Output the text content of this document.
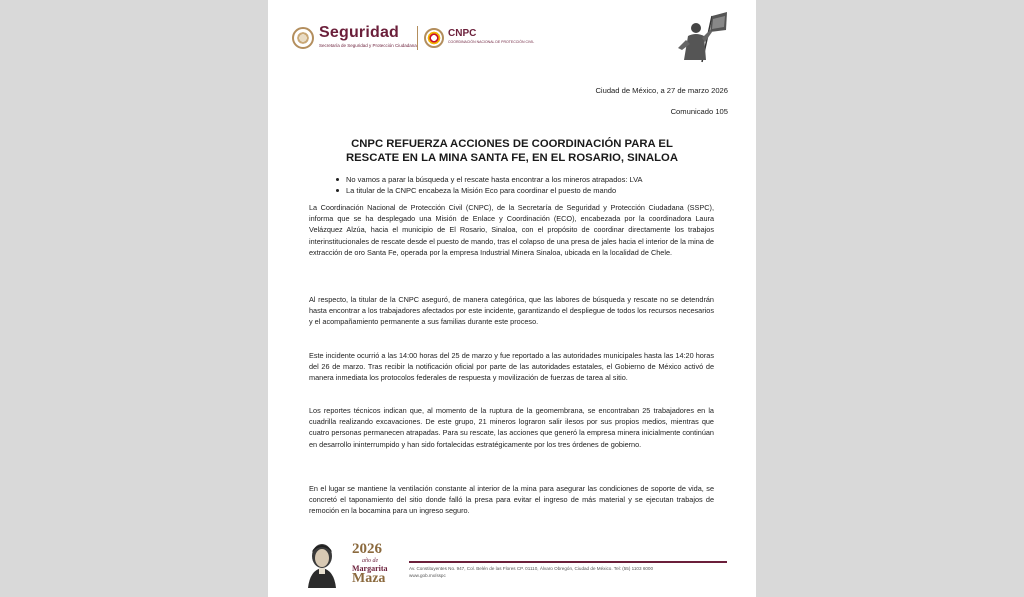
Seguridad
Secretaría de Seguridad y Protección Ciudadana
CNPC
COORDINACIÓN NACIONAL DE PROTECCIÓN CIVIL
Ciudad de México, a 27 de marzo 2026
Comunicado 105
CNPC REFUERZA ACCIONES DE COORDINACIÓN PARA EL
RESCATE EN LA MINA SANTA FE, EN EL ROSARIO, SINALOA
No vamos a parar la búsqueda y el rescate hasta encontrar a los mineros atrapados: LVA
La titular de la CNPC encabeza la Misión Eco para coordinar el puesto de mando

La Coordinación Nacional de Protección Civil (CNPC), de la Secretaría de Seguridad y Protección Ciudadana (SSPC), informa que se ha desplegado una Misión de Enlace y Coordinación (ECO), encabezada por la coordinadora Laura Velázquez Alzúa, hacia el municipio de El Rosario, Sinaloa, con el propósito de coordinar directamente los trabajos interinstitucionales de rescate desde el puesto de mando, tras el colapso de una presa de jales hacia el interior de la mina de extracción de oro Santa Fe, operada por la empresa Industrial Minera Sinaloa, ubicada en la localidad de Chele.

Al respecto, la titular de la CNPC aseguró, de manera categórica, que las labores de búsqueda y rescate no se detendrán hasta encontrar a los trabajadores afectados por este incidente, garantizando el despliegue de todos los recursos necesarios y el acompañamiento permanente a sus familias durante este proceso.

Este incidente ocurrió a las 14:00 horas del 25 de marzo y fue reportado a las autoridades municipales hasta las 14:20 horas del 26 de marzo. Tras recibir la notificación oficial por parte de las autoridades estatales, el Gobierno de México activó de manera inmediata los protocolos federales de respuesta y movilización de fuerzas de tarea al sitio.

Los reportes técnicos indican que, al momento de la ruptura de la geomembrana, se encontraban 25 trabajadores en la cuadrilla realizando excavaciones. De este grupo, 21 mineros lograron salir ilesos por sus propios medios, mientras que cuatro personas permanecen atrapadas. Para su rescate, las acciones que generó la empresa minera inicialmente continúan en desarrollo ininterrumpido y han sido fortalecidas estratégicamente por los tres órdenes de gobierno.

En el lugar se mantiene la ventilación constante al interior de la mina para asegurar las condiciones de soporte de vida, se concretó el taponamiento del sitio donde falló la presa para evitar el ingreso de más material y se ejecutan trabajos de remoción en la bocamina para un ingreso seguro.

2026
año de
Margarita
Maza
Av. Constituyentes No. 947, Col. Belén de las Flores CP. 01110, Álvaro Obregón, Ciudad de México. Tel: (55) 1103 6000
www.gob.mx/sspc
